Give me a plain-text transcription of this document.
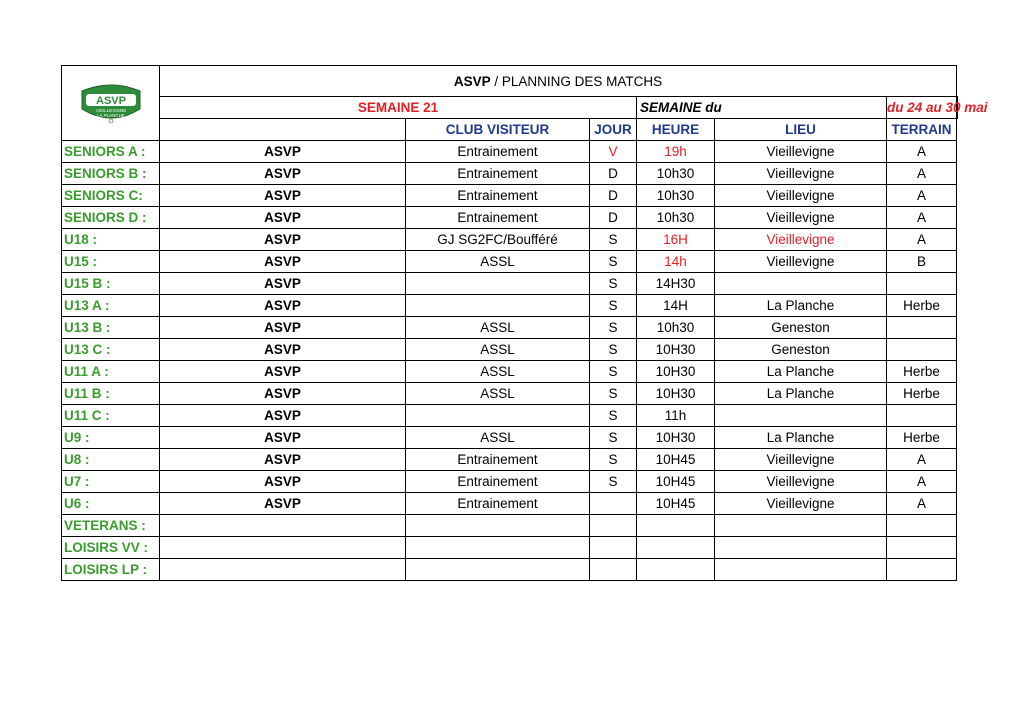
2010
ASVP
VIEILLEVIGNE
LA PLANCHE	ASVP / PLANNING DES MATCHS						
	SEMAINE 21			SEMAINE du		du 24 au 30 mai	
		CLUB VISITEUR	JOUR	HEURE	LIEU	TERRAIN	
SENIORS A :	ASVP	Entrainement	V	19h	Vieillevigne	A	
SENIORS B :	ASVP	Entrainement	D	10h30	Vieillevigne	A	
SENIORS C:	ASVP	Entrainement	D	10h30	Vieillevigne	A	
SENIORS D :	ASVP	Entrainement	D	10h30	Vieillevigne	A	
U18 :	ASVP	GJ SG2FC/Boufféré	S	16H	Vieillevigne	A	
U15 :	ASVP	ASSL	S	14h	Vieillevigne	B	
U15 B :	ASVP		S	14H30			
U13 A :	ASVP		S	14H	La Planche	Herbe	
U13 B :	ASVP	ASSL	S	10h30	Geneston		
U13 C :	ASVP	ASSL	S	10H30	Geneston		
U11 A :	ASVP	ASSL	S	10H30	La Planche	Herbe	
U11 B :	ASVP	ASSL	S	10H30	La Planche	Herbe	
U11 C :	ASVP		S	11h			
U9 :	ASVP	ASSL	S	10H30	La Planche	Herbe	
U8 :	ASVP	Entrainement	S	10H45	Vieillevigne	A	
U7 :	ASVP	Entrainement	S	10H45	Vieillevigne	A	
U6 :	ASVP	Entrainement		10H45	Vieillevigne	A	
VETERANS :							
LOISIRS VV :							
LOISIRS LP :							
